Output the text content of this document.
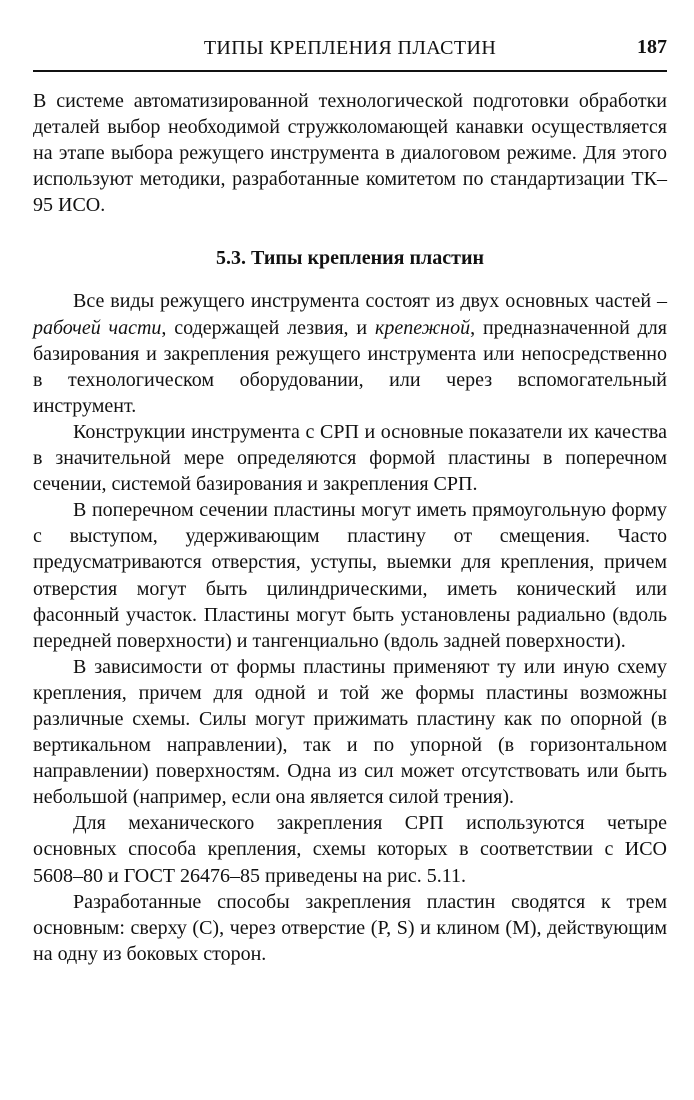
ТИПЫ КРЕПЛЕНИЯ ПЛАСТИН	187

В системе автоматизированной технологической подготовки обработки деталей выбор необходимой стружколомающей канавки осуществляется на этапе выбора режущего инструмента в диалоговом режиме. Для этого используют методики, разработанные комитетом по стандартизации ТК–95 ИСО.

5.3. Типы крепления пластин

Все виды режущего инструмента состоят из двух основных частей – рабочей части, содержащей лезвия, и крепежной, предназначенной для базирования и закрепления режущего инструмента или непосредственно в технологическом оборудовании, или через вспомогательный инструмент.

Конструкции инструмента с СРП и основные показатели их качества в значительной мере определяются формой пластины в поперечном сечении, системой базирования и закрепления СРП.

В поперечном сечении пластины могут иметь прямоугольную форму с выступом, удерживающим пластину от смещения. Часто предусматриваются отверстия, уступы, выемки для крепления, причем отверстия могут быть цилиндрическими, иметь конический или фасонный участок. Пластины могут быть установлены радиально (вдоль передней поверхности) и тангенциально (вдоль задней поверхности).

В зависимости от формы пластины применяют ту или иную схему крепления, причем для одной и той же формы пластины возможны различные схемы. Силы могут прижимать пластину как по опорной (в вертикальном направлении), так и по упорной (в горизонтальном направлении) поверхностям. Одна из сил может отсутствовать или быть небольшой (например, если она является силой трения).

Для механического закрепления СРП используются четыре основных способа крепления, схемы которых в соответствии с ИСО 5608–80 и ГОСТ 26476–85 приведены на рис. 5.11.

Разработанные способы закрепления пластин сводятся к трем основным: сверху (С), через отверстие (Р, S) и клином (М), действующим на одну из боковых сторон.
